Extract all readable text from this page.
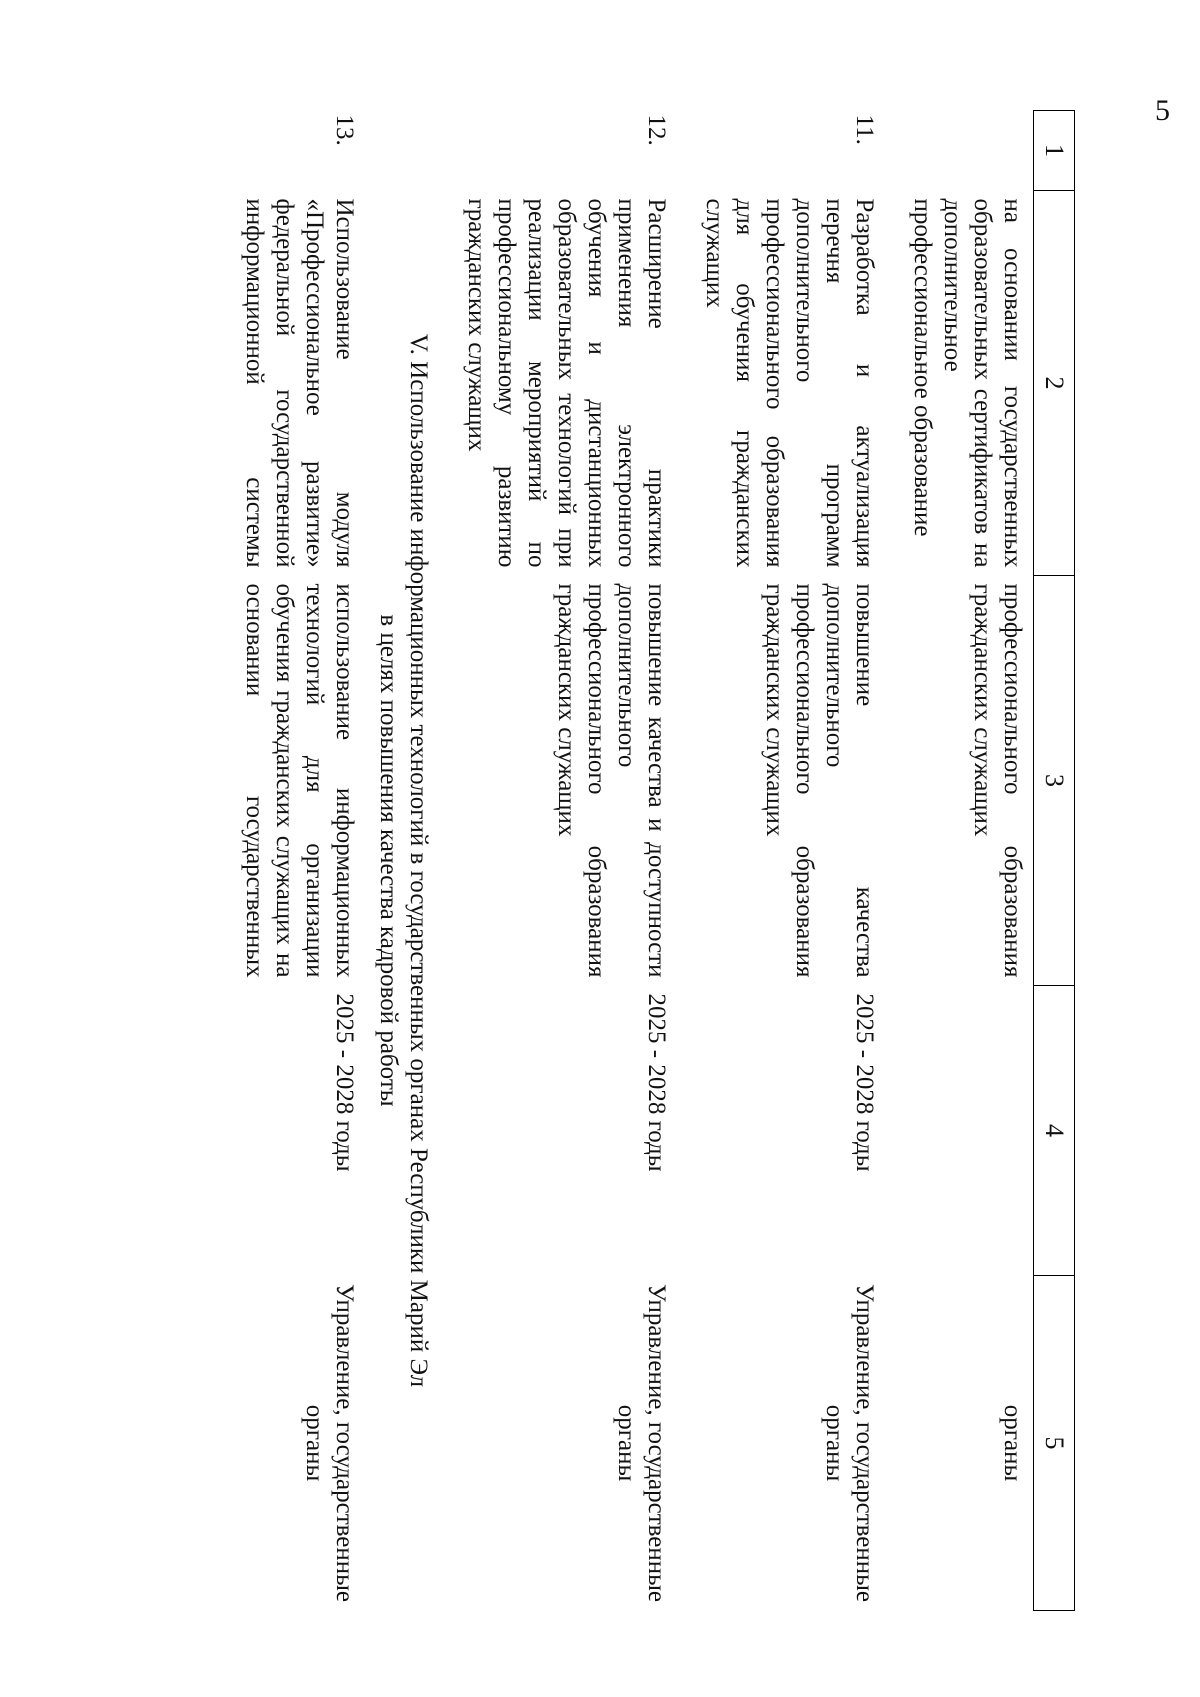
5
1	2	3	4	5
	на основании государственных образовательных сертификатов на дополнительное профессиональное образование	профессионального образования гражданских служащих		органы
11.	Разработка и актуализация перечня программ дополнительного профессионального образования для обучения гражданских служащих	повышение качества дополнительного профессионального образования гражданских служащих	2025 - 2028 годы	Управление, государственные органы
12.	Расширение практики применения электронного обучения и дистанционных образовательных технологий при реализации мероприятий по профессиональному развитию гражданских служащих	повышение качества и доступности дополнительного профессионального образования гражданских служащих	2025 - 2028 годы	Управление, государственные органы

V. Использование информационных технологий в государственных органах Республики Марий Эл
в целях повышения качества кадровой работы				

13.	Использование модуля «Профессиональное развитие» федеральной государственной информационной системы	использование информационных технологий для организации обучения гражданских служащих на основании государственных	2025 - 2028 годы	Управление, государственные органы
